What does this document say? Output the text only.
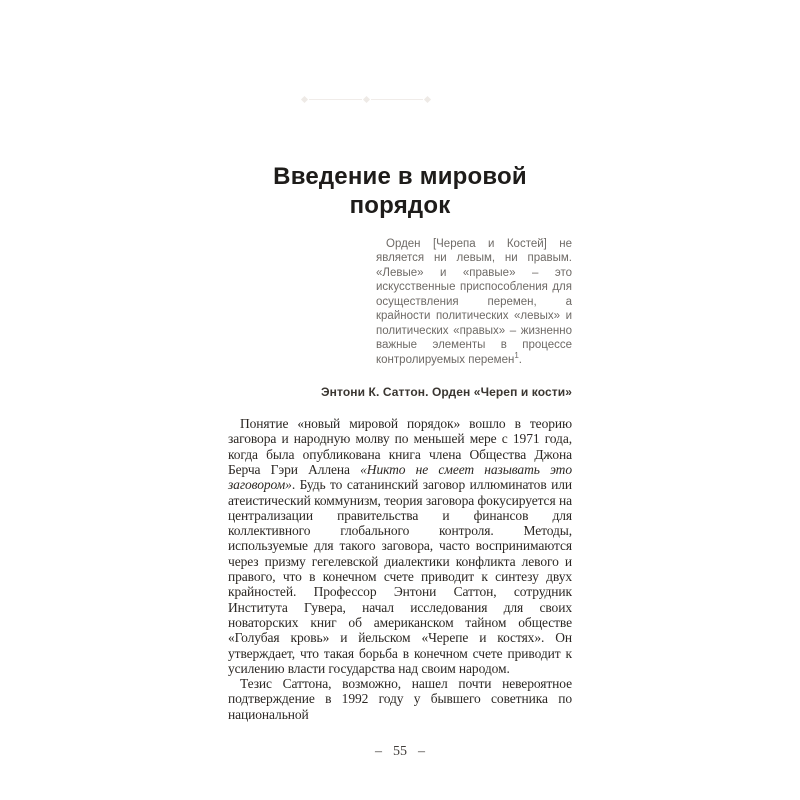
Введение в мировой порядок

Орден [Черепа и Костей] не является ни левым, ни правым. «Левые» и «правые» – это искусственные приспособления для осуществления перемен, а крайности политических «левых» и политических «правых» – жизненно важные элементы в процессе контролируемых перемен$^1$.

Энтони К. Саттон. Орден «Череп и кости»

Понятие «новый мировой порядок» вошло в теорию заговора и народную молву по меньшей мере с 1971 года, когда была опубликована книга члена Общества Джона Берча Гэри Аллена «Никто не смеет называть это заговором». Будь то сатанинский заговор иллюминатов или атеистический коммунизм, теория заговора фокусируется на централизации правительства и финансов для коллективного глобального контроля. Методы, используемые для такого заговора, часто воспринимаются через призму гегелевской диалектики конфликта левого и правого, что в конечном счете приводит к синтезу двух крайностей. Профессор Энтони Саттон, сотрудник Института Гувера, начал исследования для своих новаторских книг об американском тайном обществе «Голубая кровь» и йельском «Черепе и костях». Он утверждает, что такая борьба в конечном счете приводит к усилению власти государства над своим народом.

Тезис Саттона, возможно, нашел почти невероятное подтверждение в 1992 году у бывшего советника по национальной

– 55 –
